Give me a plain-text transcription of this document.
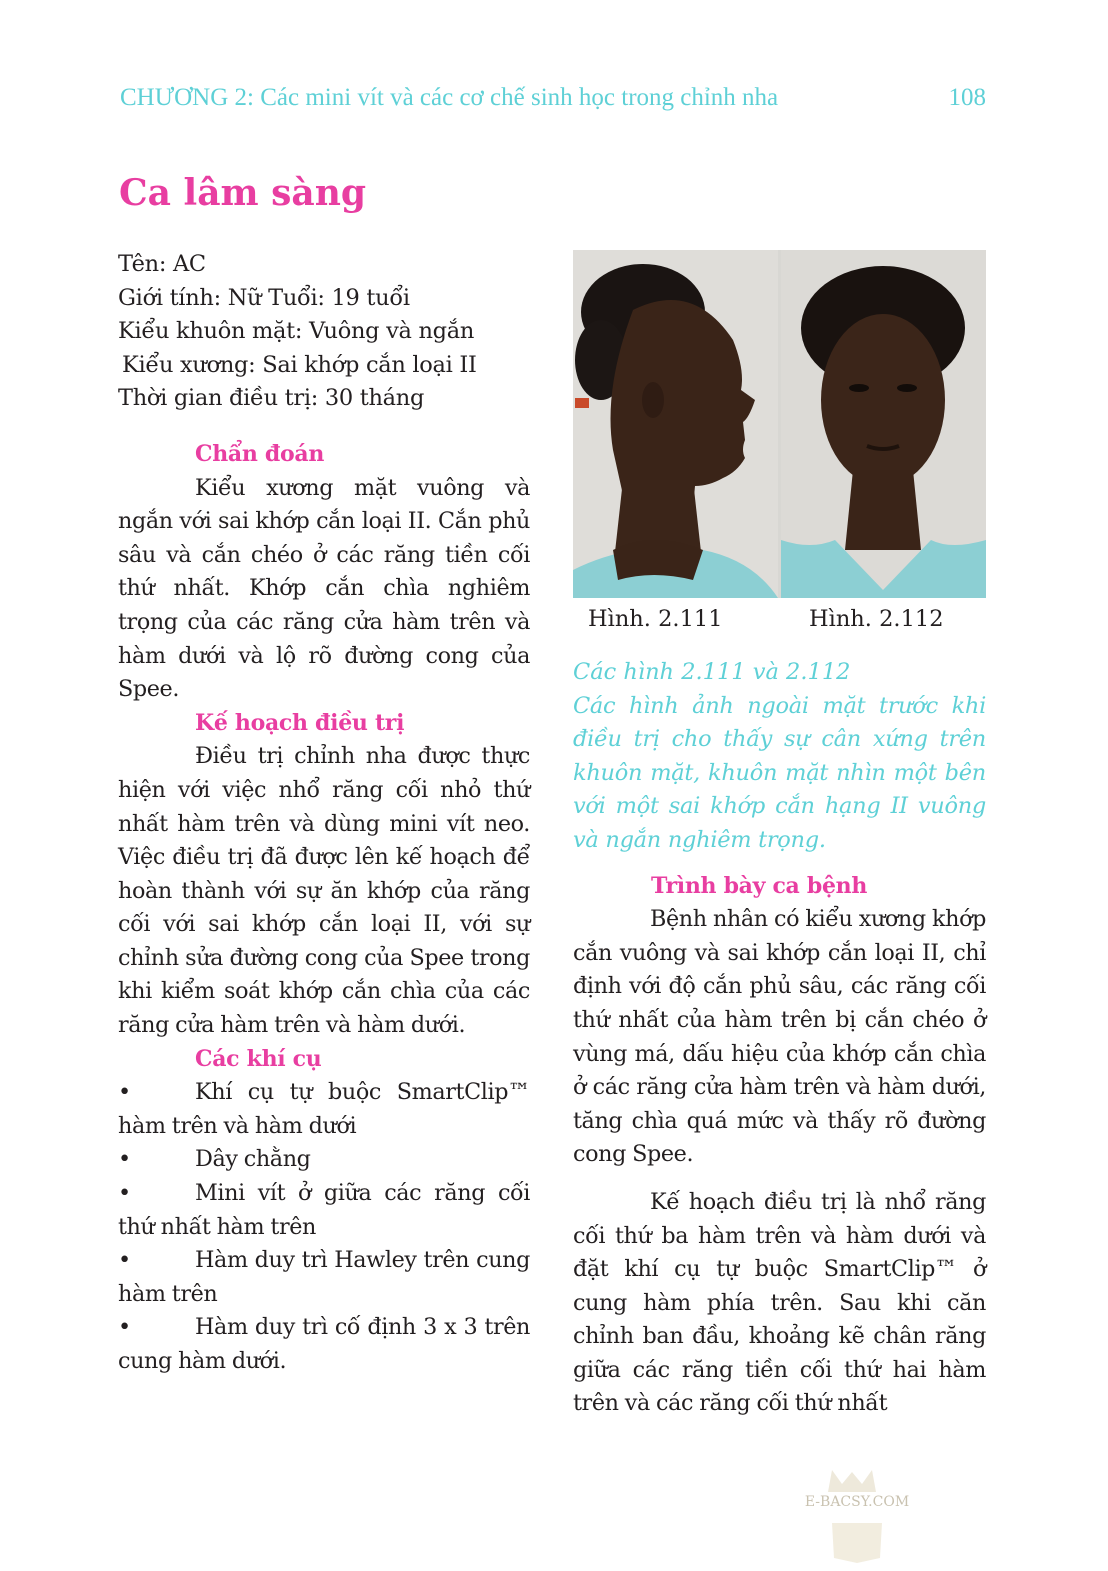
CHƯƠNG 2: Các mini vít và các cơ chế sinh học trong chỉnh nha	108
Ca lâm sàng
Tên: AC
Giới tính: Nữ Tuổi: 19 tuổi
Kiểu khuôn mặt: Vuông và ngắn
Kiểu xương: Sai khớp cắn loại II
Thời gian điều trị: 30 tháng
Chẩn đoán

Kiểu xương mặt vuông và ngắn với sai khớp cắn loại II. Cắn phủ sâu và cắn chéo ở các răng tiền cối thứ nhất. Khớp cắn chìa nghiêm trọng của các răng cửa hàm trên và hàm dưới và lộ rõ đường cong của Spee.

Kế hoạch điều trị

Điều trị chỉnh nha được thực hiện với việc nhổ răng cối nhỏ thứ nhất hàm trên và dùng mini vít neo. Việc điều trị đã được lên kế hoạch để hoàn thành với sự ăn khớp của răng cối với sai khớp cắn loại II, với sự chỉnh sửa đường cong của Spee trong khi kiểm soát khớp cắn chìa của các răng cửa hàm trên và hàm dưới.

Các khí cụ

•	Khí cụ tự buộc SmartClip™ hàm trên và hàm dưới

•	Dây chằng

•	Mini vít ở giữa các răng cối thứ nhất hàm trên

•	Hàm duy trì Hawley trên cung hàm trên

•	Hàm duy trì cố định 3 x 3 trên cung hàm dưới.

Hình. 2.111	Hình. 2.112
Các hình 2.111 và 2.112

Các hình ảnh ngoài mặt trước khi điều trị cho thấy sự cân xứng trên khuôn mặt, khuôn mặt nhìn một bên với một sai khớp cắn hạng II vuông và ngắn nghiêm trọng.

Trình bày ca bệnh

Bệnh nhân có kiểu xương khớp cắn vuông và sai khớp cắn loại II, chỉ định với độ cắn phủ sâu, các răng cối thứ nhất của hàm trên bị cắn chéo ở vùng má, dấu hiệu của khớp cắn chìa ở các răng cửa hàm trên và hàm dưới, tăng chìa quá mức và thấy rõ đường cong Spee.

Kế hoạch điều trị là nhổ răng cối thứ ba hàm trên và hàm dưới và đặt khí cụ tự buộc SmartClip™ ở cung hàm phía trên. Sau khi căn chỉnh ban đầu, khoảng kẽ chân răng giữa các răng tiền cối thứ hai hàm trên và các răng cối thứ nhất

E-BACSY.COM
